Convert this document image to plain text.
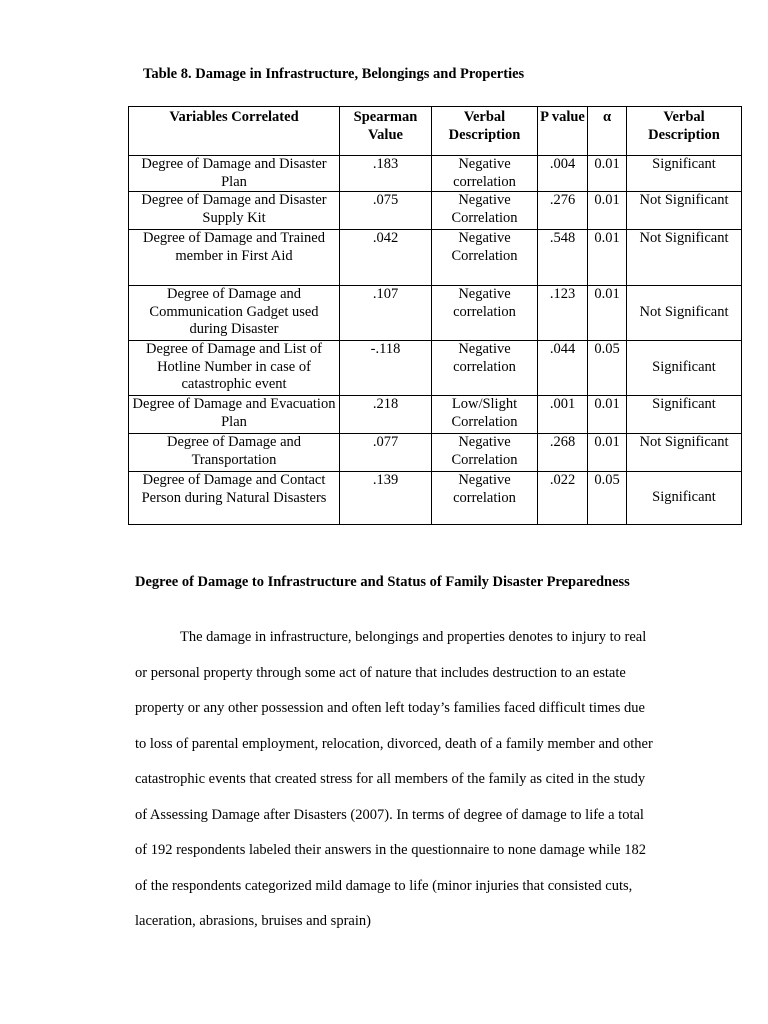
Table 8. Damage in Infrastructure, Belongings and Properties
Variables Correlated	Spearman Value	Verbal Description	P value	α	Verbal Description
Degree of Damage and Disaster Plan	.183	Negative correlation	.004	0.01	Significant
Degree of Damage and Disaster Supply Kit	.075	Negative Correlation	.276	0.01	Not Significant
Degree of Damage and Trained member in First Aid	.042	Negative Correlation	.548	0.01	Not Significant
Degree of Damage and Communication Gadget used during Disaster	.107	Negative correlation	.123	0.01	Not Significant
Degree of Damage and List of Hotline Number in case of catastrophic event	-.118	Negative correlation	.044	0.05	Significant
Degree of Damage and Evacuation Plan	.218	Low/Slight Correlation	.001	0.01	Significant
Degree of Damage and Transportation	.077	Negative Correlation	.268	0.01	Not Significant
Degree of Damage and Contact Person during Natural Disasters	.139	Negative correlation	.022	0.05	Significant
Degree of Damage to Infrastructure and Status of Family Disaster Preparedness
The damage in infrastructure, belongings and properties denotes to injury to real
or personal property through some act of nature that includes destruction to an estate
property or any other possession and often left today’s families faced difficult times due
to loss of parental employment, relocation, divorced, death of a family member and other
catastrophic events that created stress for all members of the family as cited in the study
of Assessing Damage after Disasters (2007). In terms of degree of damage to life a total
of 192 respondents labeled their answers in the questionnaire to none damage while 182
of the respondents categorized mild damage to life (minor injuries that consisted cuts,
laceration, abrasions, bruises and sprain)
